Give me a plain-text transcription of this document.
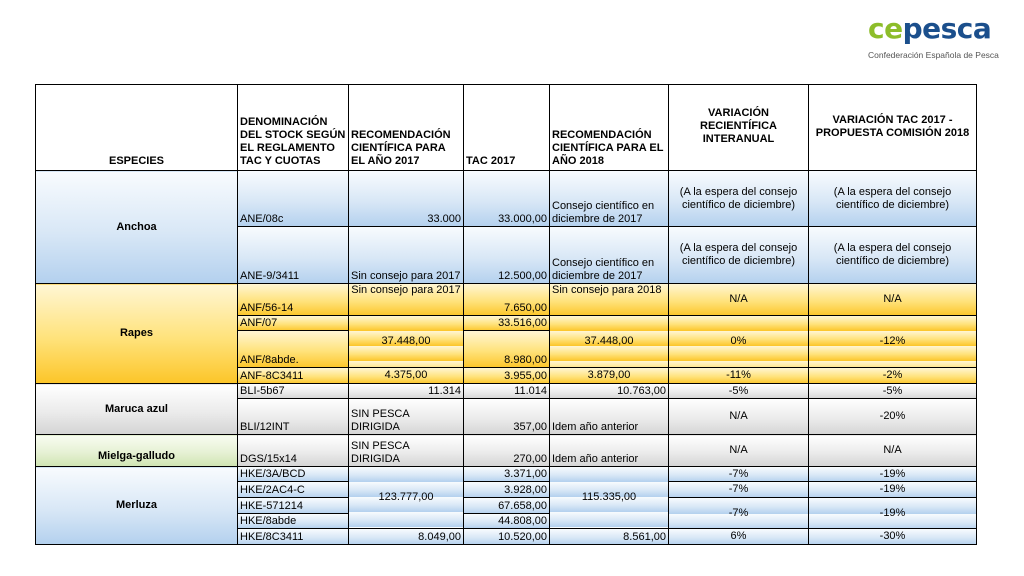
cepesca
Confederación Española de Pesca
ESPECIES	DENOMINACIÓN DEL STOCK SEGÚN EL REGLAMENTO TAC Y CUOTAS	RECOMENDACIÓN CIENTÍFICA PARA EL AÑO 2017	TAC 2017	RECOMENDACIÓN CIENTÍFICA PARA EL AÑO 2018	VARIACIÓN RECIENTÍFICA INTERANUAL	VARIACIÓN TAC 2017 - PROPUESTA COMISIÓN 2018
Anchoa	ANE/08c	33.000	33.000,00	Consejo científico en diciembre de 2017	(A la espera del consejo científico de diciembre)	(A la espera del consejo científico de diciembre)
	ANE-9/3411	Sin consejo para 2017	12.500,00	Consejo científico en diciembre de 2017	(A la espera del consejo científico de diciembre)	(A la espera del consejo científico de diciembre)
Rapes	ANF/56-14	Sin consejo para 2017	7.650,00	Sin consejo para 2018	N/A	N/A
	ANF/07	37.448,00	33.516,00	37.448,00	0%	-12%
	ANF/8abde.		8.980,00			
	ANF-8C3411	4.375,00	3.955,00	3.879,00	-11%	-2%
Maruca azul	BLI-5b67	11.314	11.014	10.763,00	-5%	-5%
	BLI/12INT	SIN PESCA DIRIGIDA	357,00	Idem año anterior	N/A	-20%
Mielga-galludo	DGS/15x14	SIN PESCA DIRIGIDA	270,00	Idem año anterior	N/A	N/A
Merluza	HKE/3A/BCD	123.777,00	3.371,00	115.335,00	-7%	-19%
	HKE/2AC4-C		3.928,00		-7%	-19%
	HKE-571214		67.658,00		-7%	-19%
	HKE/8abde		44.808,00			
	HKE/8C3411	8.049,00	10.520,00	8.561,00	6%	-30%
